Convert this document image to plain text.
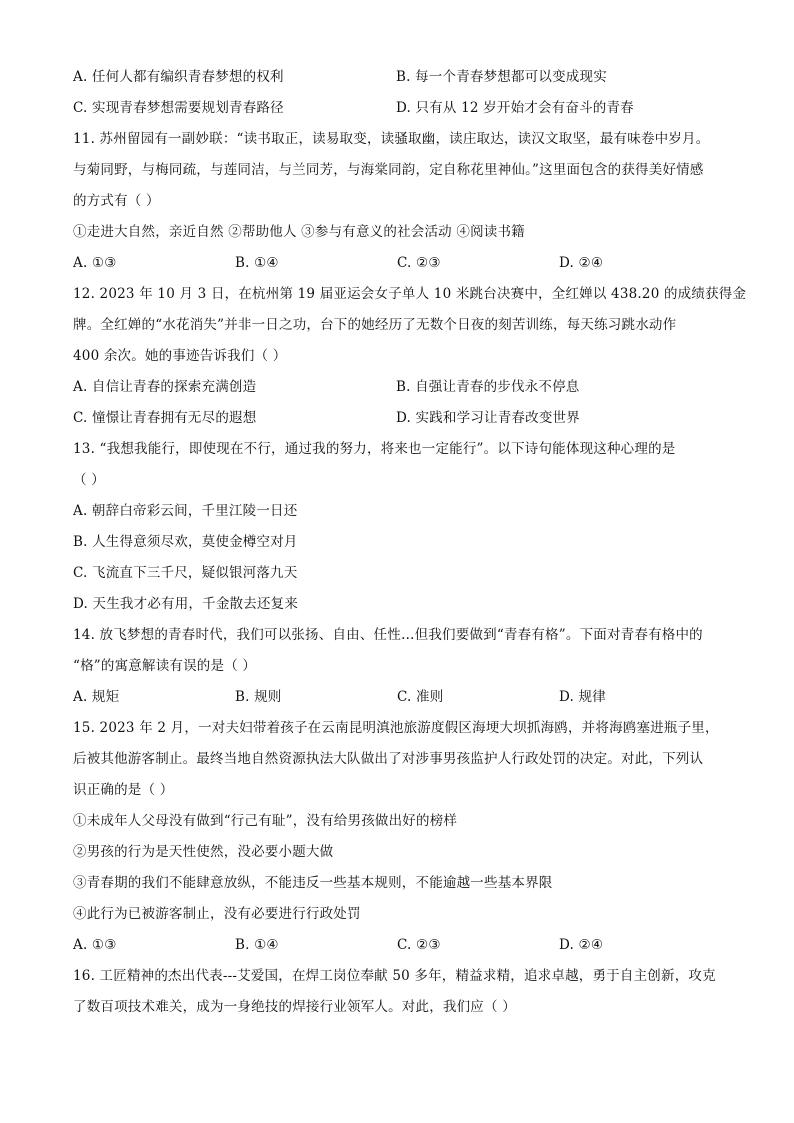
A. 任何人都有编织青春梦想的权利	B. 每一个青春梦想都可以变成现实
C. 实现青春梦想需要规划青春路径	D. 只有从 12 岁开始才会有奋斗的青春
11. 苏州留园有一副妙联：“读书取正，读易取变，读骚取幽，读庄取达，读汉文取坚，最有味卷中岁月。
与菊同野，与梅同疏，与莲同洁，与兰同芳，与海棠同韵，定自称花里神仙。”这里面包含的获得美好情感
的方式有（ ）
①走进大自然，亲近自然 ②帮助他人 ③参与有意义的社会活动 ④阅读书籍
A. ①③	B. ①④	C. ②③	D. ②④
12. 2023 年 10 月 3 日，在杭州第 19 届亚运会女子单人 10 米跳台决赛中，全红婵以 438.20 的成绩获得金
牌。全红婵的“水花消失”并非一日之功，台下的她经历了无数个日夜的刻苦训练，每天练习跳水动作
400 余次。她的事迹告诉我们（ ）
A. 自信让青春的探索充满创造	B. 自强让青春的步伐永不停息
C. 憧憬让青春拥有无尽的遐想	D. 实践和学习让青春改变世界
13. “我想我能行，即使现在不行，通过我的努力，将来也一定能行”。以下诗句能体现这种心理的是
（ ）
A. 朝辞白帝彩云间，千里江陵一日还
B. 人生得意须尽欢，莫使金樽空对月
C. 飞流直下三千尺，疑似银河落九天
D. 天生我才必有用，千金散去还复来
14. 放飞梦想的青春时代，我们可以张扬、自由、任性…但我们要做到“青春有格”。下面对青春有格中的
“格”的寓意解读有误的是（ ）
A. 规矩	B. 规则	C. 准则	D. 规律
15. 2023 年 2 月，一对夫妇带着孩子在云南昆明滇池旅游度假区海埂大坝抓海鸥，并将海鸥塞进瓶子里，
后被其他游客制止。最终当地自然资源执法大队做出了对涉事男孩监护人行政处罚的决定。对此，下列认
识正确的是（ ）
①未成年人父母没有做到“行己有耻”，没有给男孩做出好的榜样
②男孩的行为是天性使然，没必要小题大做
③青春期的我们不能肆意放纵，不能违反一些基本规则，不能逾越一些基本界限
④此行为已被游客制止，没有必要进行行政处罚
A. ①③	B. ①④	C. ②③	D. ②④
16. 工匠精神的杰出代表---艾爱国，在焊工岗位奉献 50 多年，精益求精，追求卓越，勇于自主创新，攻克
了数百项技术难关，成为一身绝技的焊接行业领军人。对此，我们应（ ）
